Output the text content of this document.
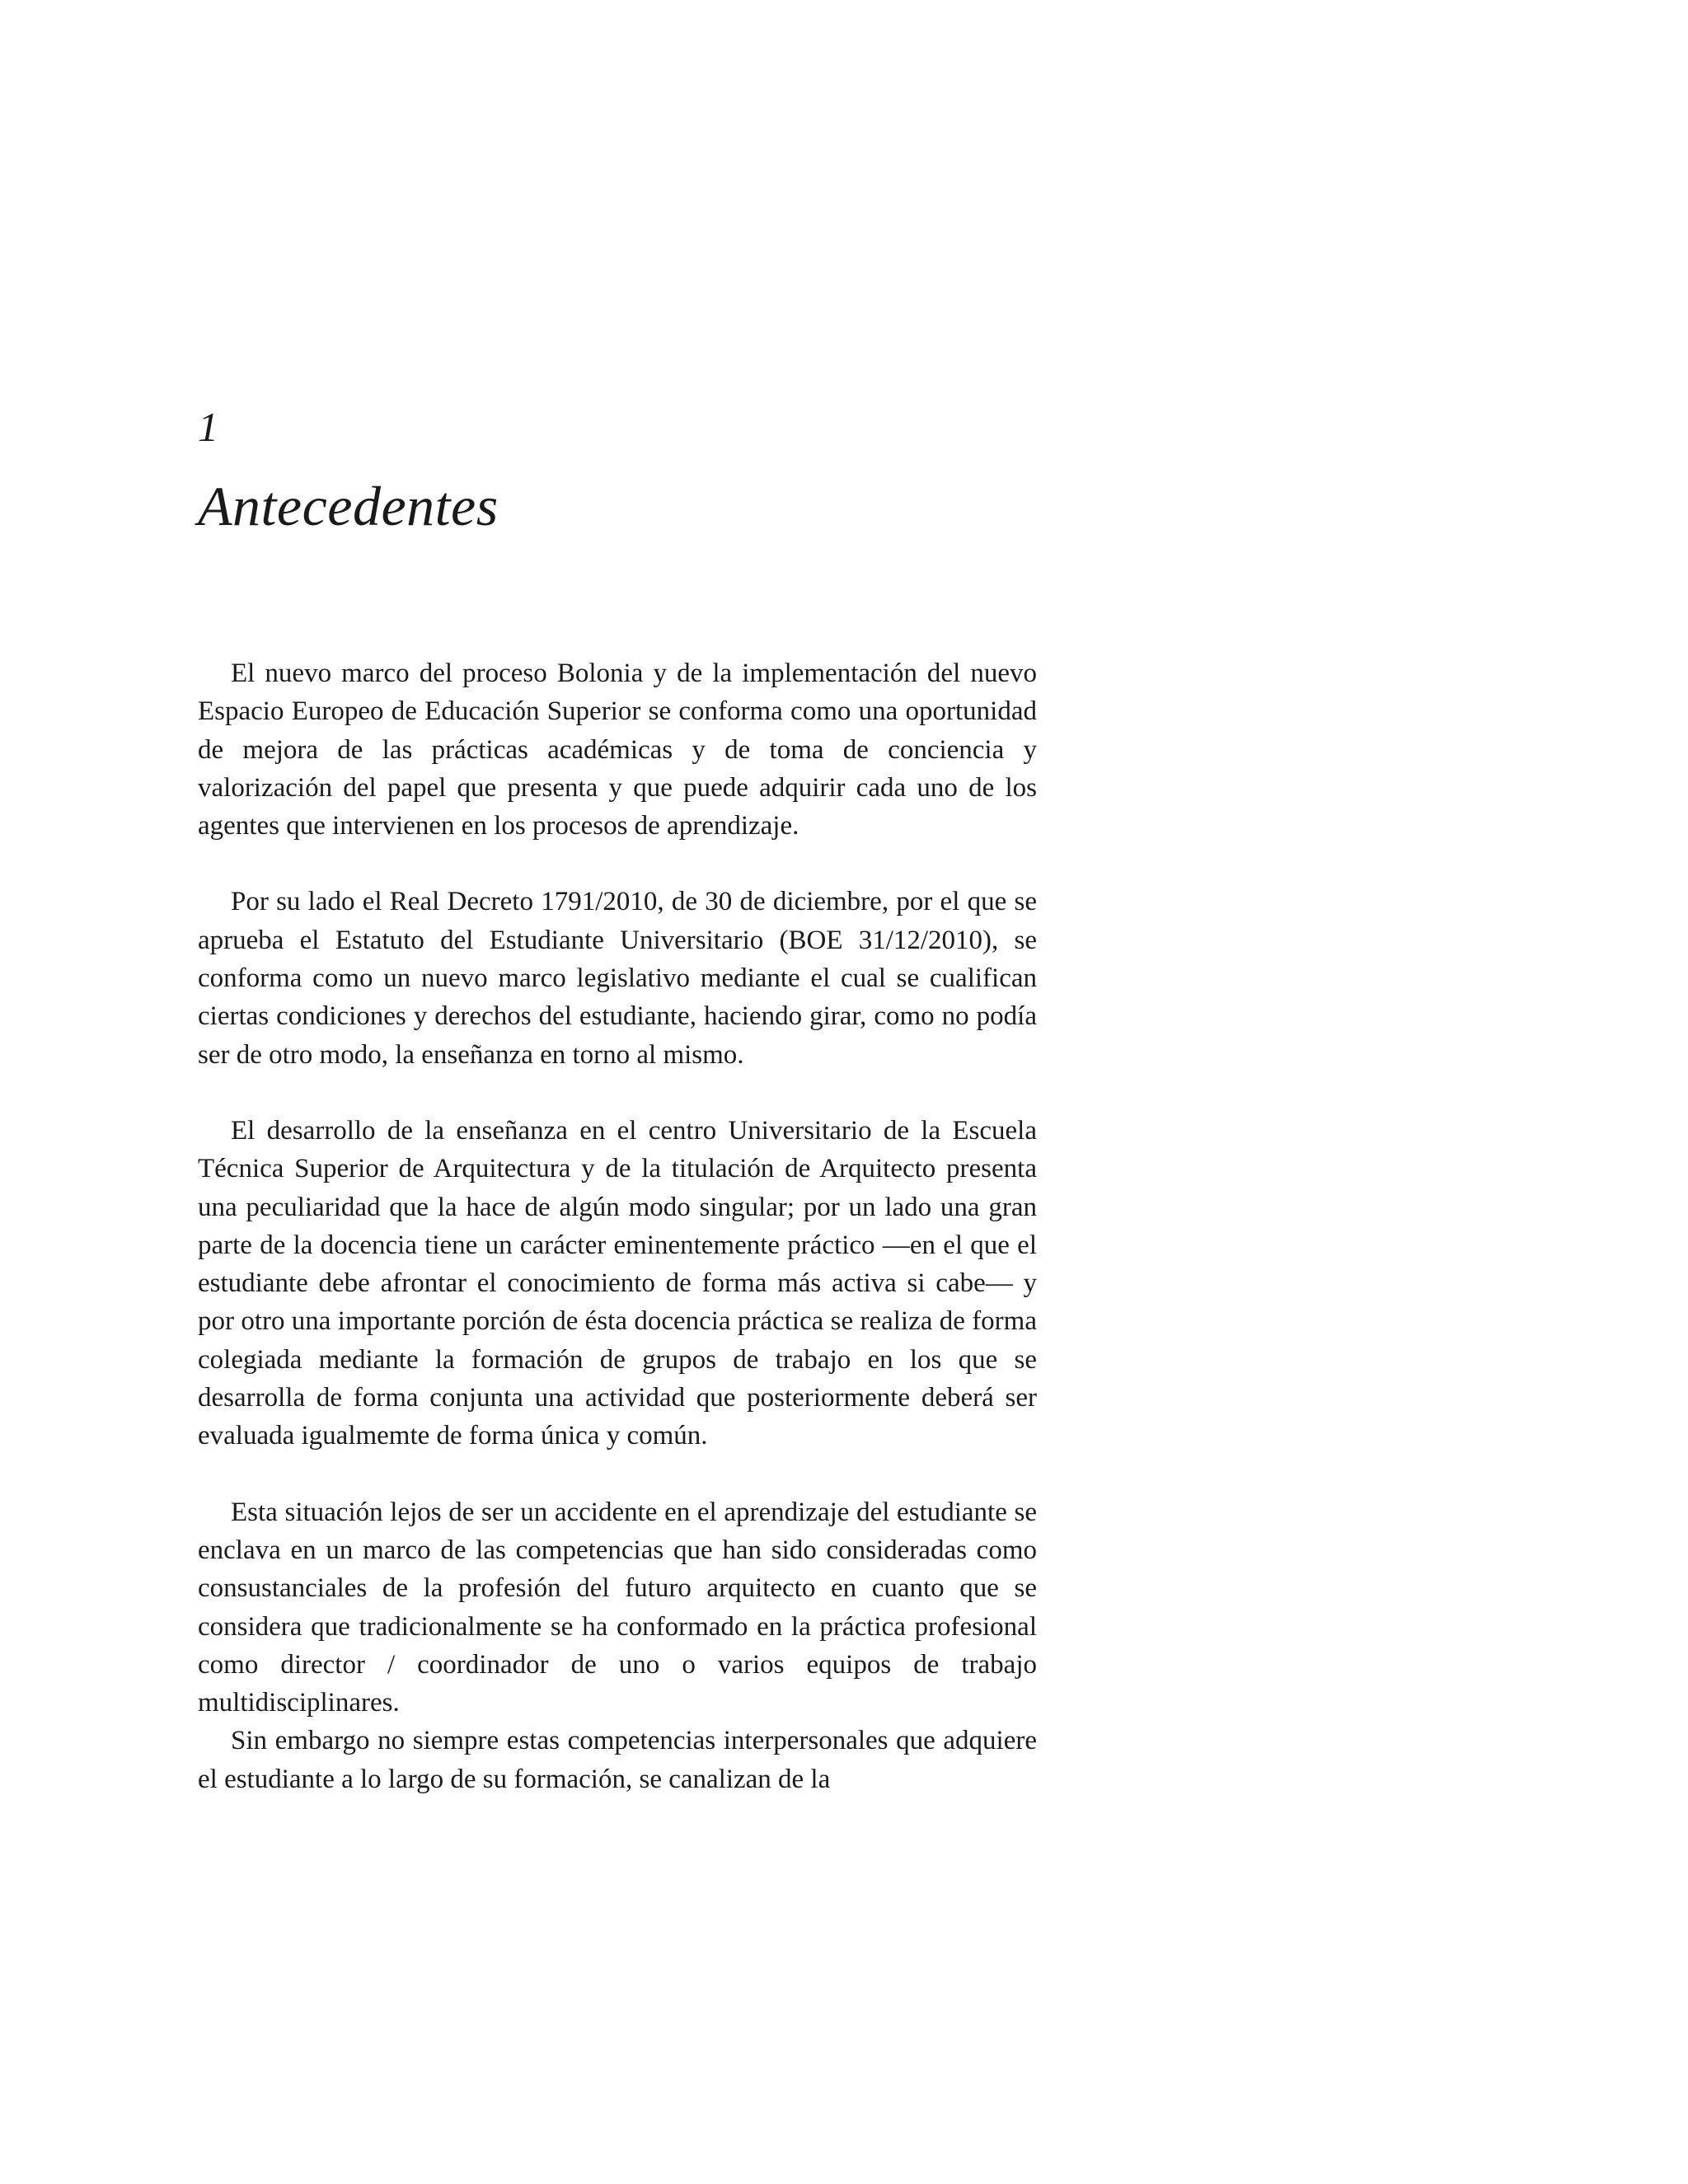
1
Antecedentes

El nuevo marco del proceso Bolonia y de la implementación del nuevo Espacio Europeo de Educación Superior se conforma como una oportunidad de mejora de las prácticas académicas y de toma de conciencia y valorización del papel que presenta y que puede adquirir cada uno de los agentes que intervienen en los procesos de aprendizaje.

Por su lado el Real Decreto 1791/2010, de 30 de diciembre, por el que se aprueba el Estatuto del Estudiante Universitario (BOE 31/12/2010), se conforma como un nuevo marco legislativo mediante el cual se cualifican ciertas condiciones y derechos del estudiante, haciendo girar, como no podía ser de otro modo, la enseñanza en torno al mismo.

El desarrollo de la enseñanza en el centro Universitario de la Escuela Técnica Superior de Arquitectura y de la titulación de Arquitecto presenta una peculiaridad que la hace de algún modo singular; por un lado una gran parte de la docencia tiene un carácter eminentemente práctico —en el que el estudiante debe afrontar el conocimiento de forma más activa si cabe— y por otro una importante porción de ésta docencia práctica se realiza de forma colegiada mediante la formación de grupos de trabajo en los que se desarrolla de forma conjunta una actividad que posteriormente deberá ser evaluada igualmemte de forma única y común.

Esta situación lejos de ser un accidente en el aprendizaje del estudiante se enclava en un marco de las competencias que han sido consideradas como consustanciales de la profesión del futuro arquitecto en cuanto que se considera que tradicionalmente se ha conformado en la práctica profesional como director / coordinador de uno o varios equipos de trabajo multidisciplinares.

Sin embargo no siempre estas competencias interpersonales que adquiere el estudiante a lo largo de su formación, se canalizan de la
